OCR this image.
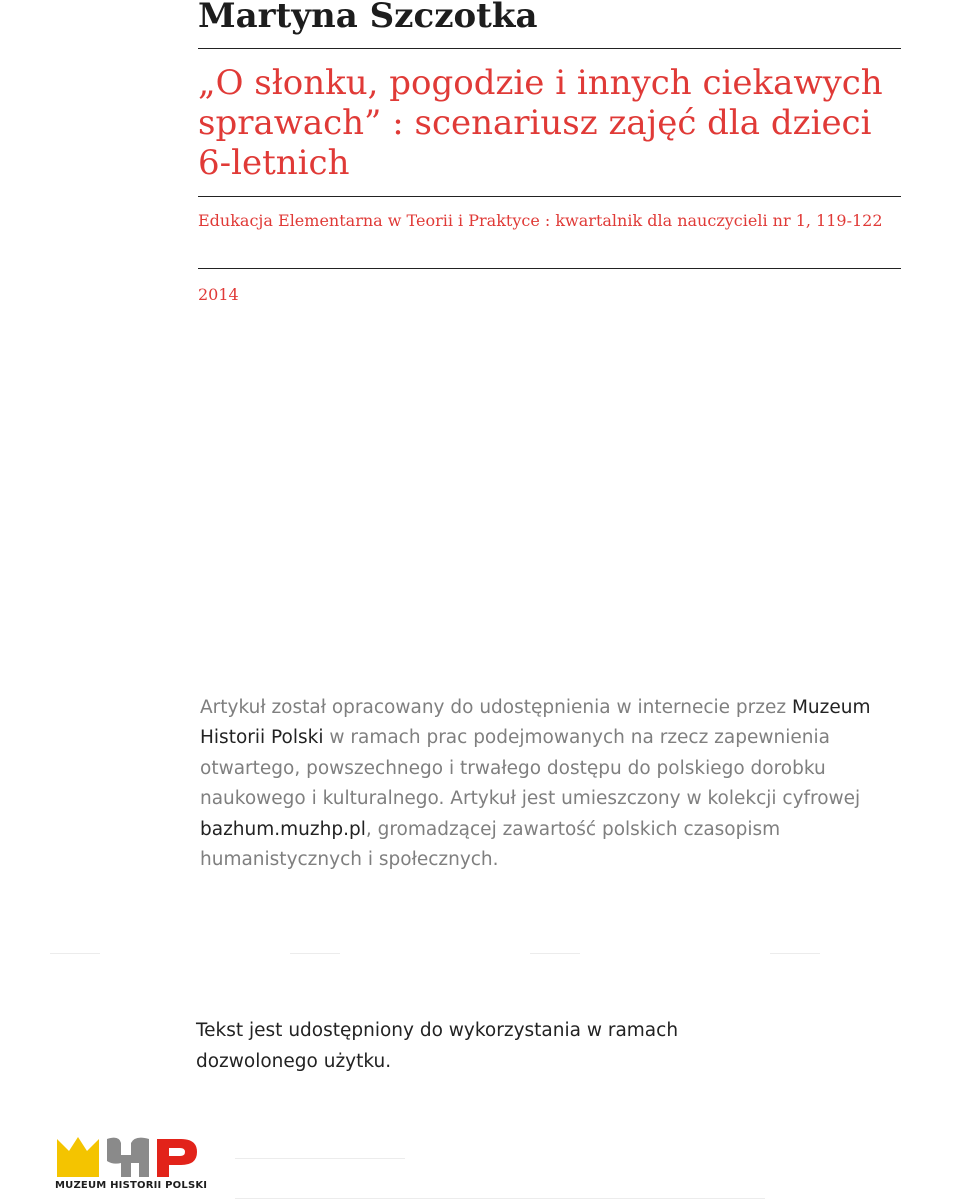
Martyna Szczotka
„O słonku, pogodzie i innych ciekawych sprawach” : scenariusz zajęć dla dzieci 6-letnich
Edukacja Elementarna w Teorii i Praktyce : kwartalnik dla nauczycieli nr 1, 119-122
2014
Artykuł został opracowany do udostępnienia w internecie przez Muzeum Historii Polski w ramach prac podejmowanych na rzecz zapewnienia otwartego, powszechnego i trwałego dostępu do polskiego dorobku naukowego i kulturalnego. Artykuł jest umieszczony w kolekcji cyfrowej bazhum.muzhp.pl, gromadzącej zawartość polskich czasopism humanistycznych i społecznych.
Tekst jest udostępniony do wykorzystania w ramach dozwolonego użytku.
MUZEUM HISTORII POLSKI
